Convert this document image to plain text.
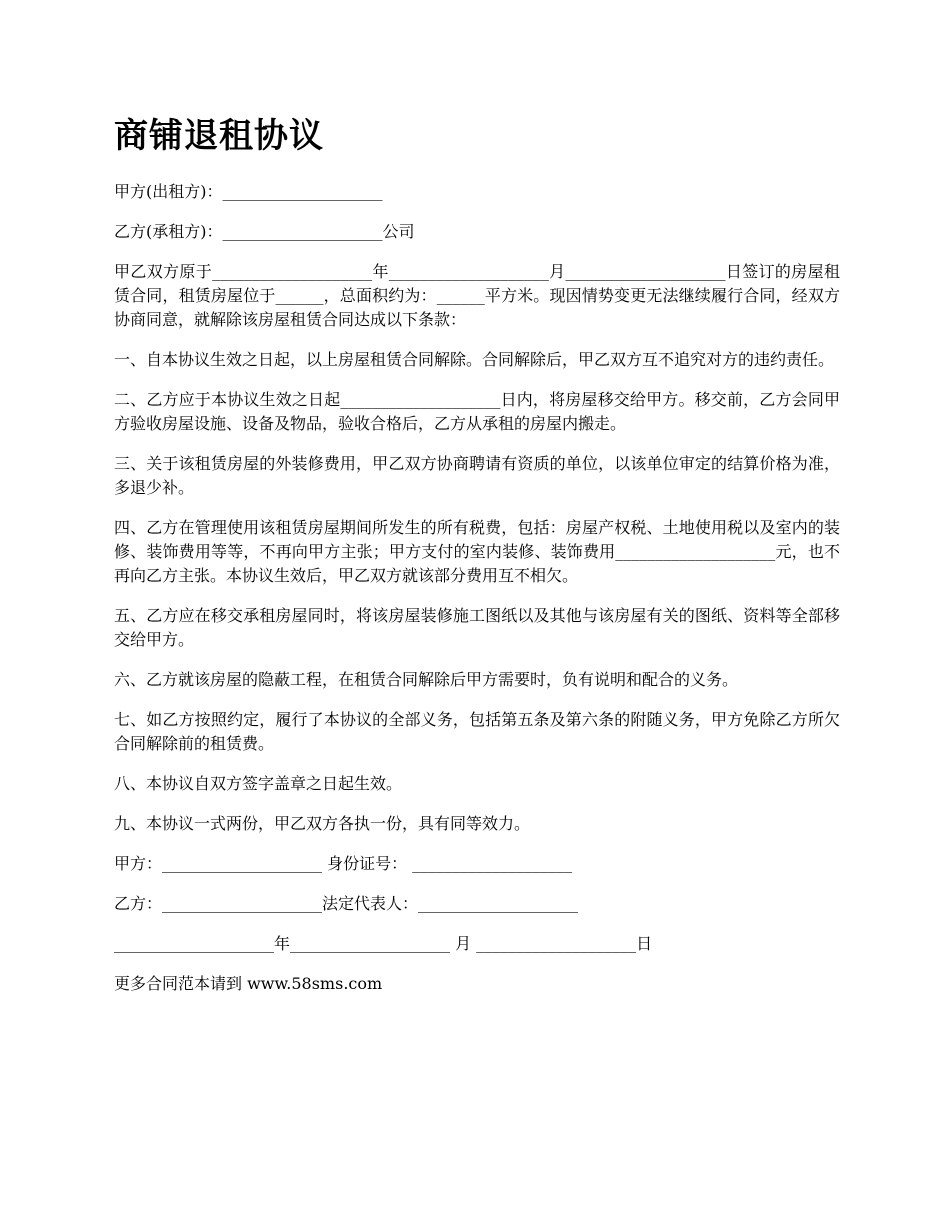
商铺退租协议

甲方(出租方)：____________________

乙方(承租方)：____________________公司

甲乙双方原于____________________年____________________月____________________日签订的房屋租赁合同，租赁房屋位于______，总面积约为：______平方米。现因情势变更无法继续履行合同，经双方协商同意，就解除该房屋租赁合同达成以下条款：

一、自本协议生效之日起，以上房屋租赁合同解除。合同解除后，甲乙双方互不追究对方的违约责任。

二、乙方应于本协议生效之日起____________________日内，将房屋移交给甲方。移交前，乙方会同甲方验收房屋设施、设备及物品，验收合格后，乙方从承租的房屋内搬走。

三、关于该租赁房屋的外装修费用，甲乙双方协商聘请有资质的单位，以该单位审定的结算价格为准，多退少补。

四、乙方在管理使用该租赁房屋期间所发生的所有税费，包括：房屋产权税、土地使用税以及室内的装修、装饰费用等等，不再向甲方主张；甲方支付的室内装修、装饰费用____________________元，也不再向乙方主张。本协议生效后，甲乙双方就该部分费用互不相欠。

五、乙方应在移交承租房屋同时，将该房屋装修施工图纸以及其他与该房屋有关的图纸、资料等全部移交给甲方。

六、乙方就该房屋的隐蔽工程，在租赁合同解除后甲方需要时，负有说明和配合的义务。

七、如乙方按照约定，履行了本协议的全部义务，包括第五条及第六条的附随义务，甲方免除乙方所欠合同解除前的租赁费。

八、本协议自双方签字盖章之日起生效。

九、本协议一式两份，甲乙双方各执一份，具有同等效力。

甲方：____________________ 身份证号： ____________________

乙方：____________________法定代表人：____________________

____________________年____________________ 月 ____________________日

更多合同范本请到 www.58sms.com
